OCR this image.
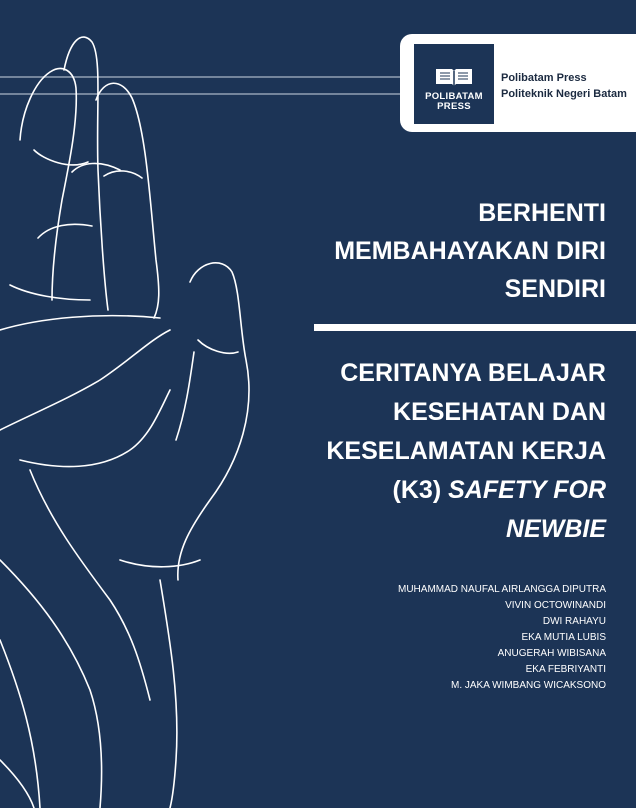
POLIBATAM
PRESS
Polibatam Press
Politeknik Negeri Batam
BERHENTI
MEMBAHAYAKAN DIRI
SENDIRI
CERITANYA BELAJAR
KESEHATAN DAN
KESELAMATAN KERJA
(K3) SAFETY FOR
NEWBIE
MUHAMMAD NAUFAL AIRLANGGA DIPUTRA
VIVIN OCTOWINANDI
DWI RAHAYU
EKA MUTIA LUBIS
ANUGERAH WIBISANA
EKA FEBRIYANTI
M. JAKA WIMBANG WICAKSONO
